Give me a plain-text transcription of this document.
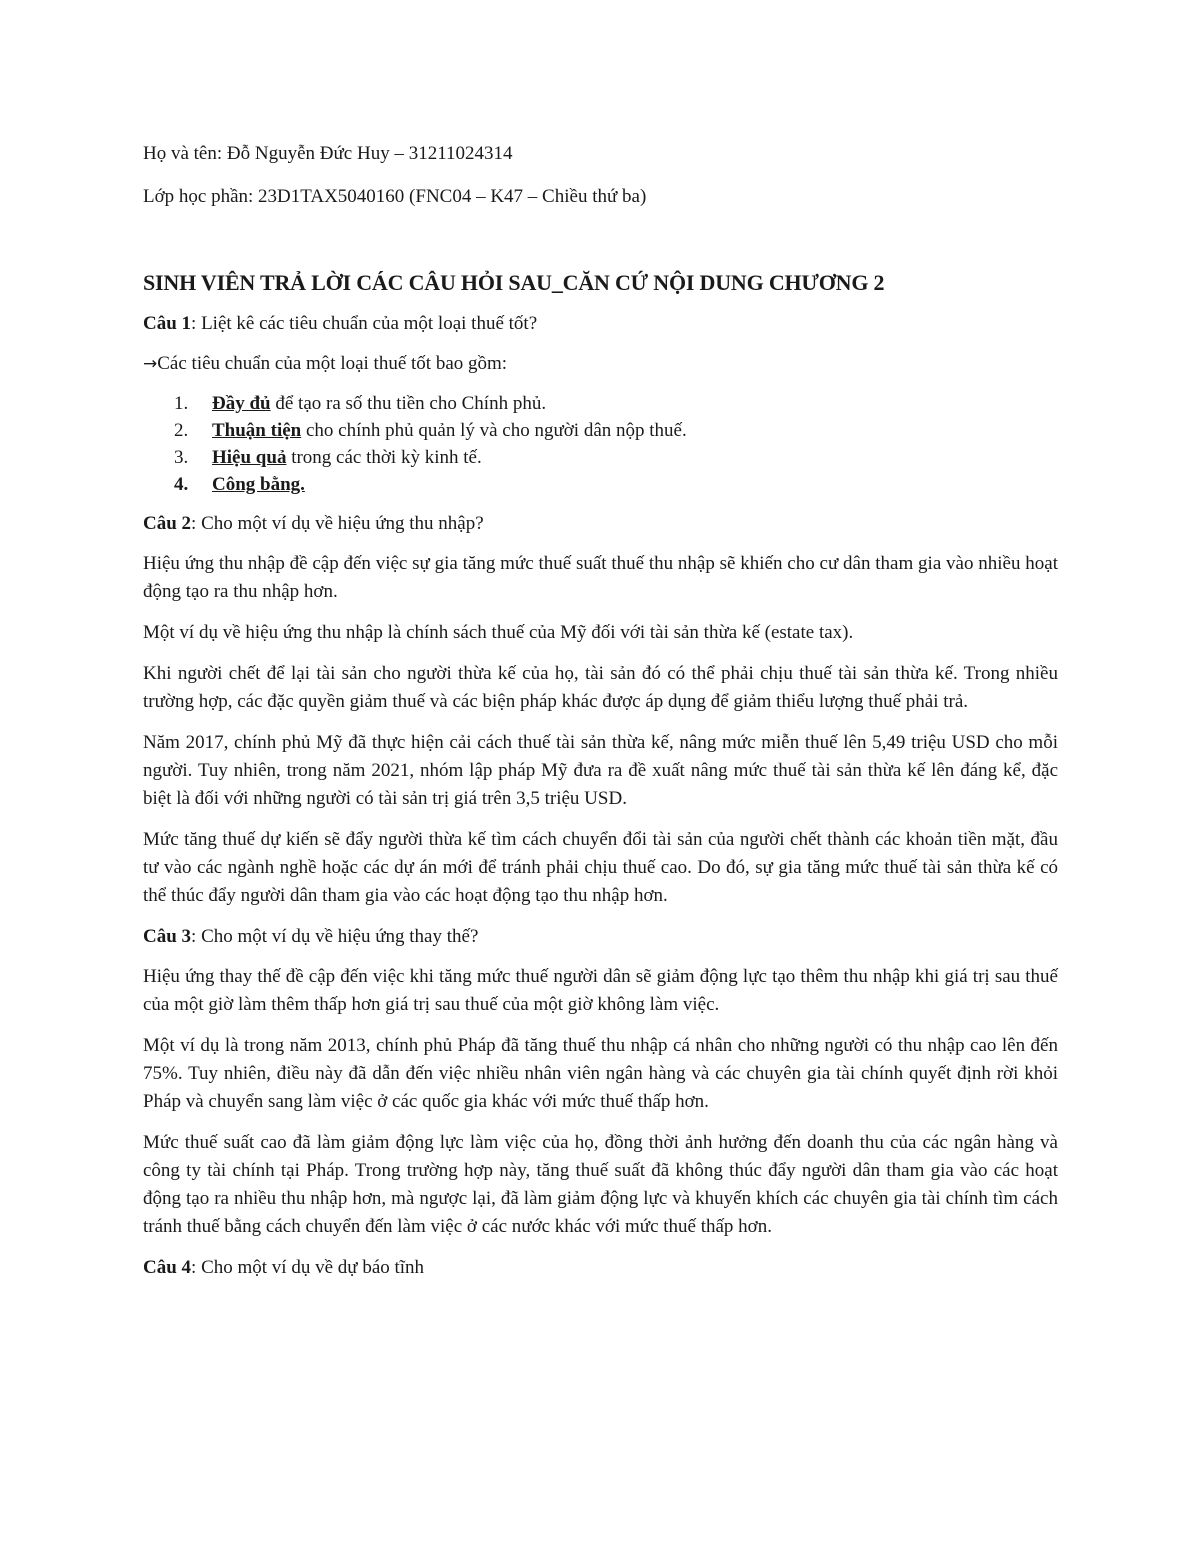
Họ và tên: Đỗ Nguyễn Đức Huy – 31211024314

Lớp học phần: 23D1TAX5040160 (FNC04 – K47 – Chiều thứ ba)

SINH VIÊN TRẢ LỜI CÁC CÂU HỎI SAU_CĂN CỨ NỘI DUNG CHƯƠNG 2

Câu 1: Liệt kê các tiêu chuẩn của một loại thuế tốt?

→Các tiêu chuẩn của một loại thuế tốt bao gồm:

1. Đầy đủ để tạo ra số thu tiền cho Chính phủ.
2. Thuận tiện cho chính phủ quản lý và cho người dân nộp thuế.
3. Hiệu quả trong các thời kỳ kinh tế.
4. Công bằng.

Câu 2: Cho một ví dụ về hiệu ứng thu nhập?

Hiệu ứng thu nhập đề cập đến việc sự gia tăng mức thuế suất thuế thu nhập sẽ khiến cho cư dân tham gia vào nhiều hoạt động tạo ra thu nhập hơn.

Một ví dụ về hiệu ứng thu nhập là chính sách thuế của Mỹ đối với tài sản thừa kế (estate tax).

Khi người chết để lại tài sản cho người thừa kế của họ, tài sản đó có thể phải chịu thuế tài sản thừa kế. Trong nhiều trường hợp, các đặc quyền giảm thuế và các biện pháp khác được áp dụng để giảm thiểu lượng thuế phải trả.

Năm 2017, chính phủ Mỹ đã thực hiện cải cách thuế tài sản thừa kế, nâng mức miễn thuế lên 5,49 triệu USD cho mỗi người. Tuy nhiên, trong năm 2021, nhóm lập pháp Mỹ đưa ra đề xuất nâng mức thuế tài sản thừa kế lên đáng kể, đặc biệt là đối với những người có tài sản trị giá trên 3,5 triệu USD.

Mức tăng thuế dự kiến sẽ đẩy người thừa kế tìm cách chuyển đổi tài sản của người chết thành các khoản tiền mặt, đầu tư vào các ngành nghề hoặc các dự án mới để tránh phải chịu thuế cao. Do đó, sự gia tăng mức thuế tài sản thừa kế có thể thúc đẩy người dân tham gia vào các hoạt động tạo thu nhập hơn.

Câu 3: Cho một ví dụ về hiệu ứng thay thế?

Hiệu ứng thay thế đề cập đến việc khi tăng mức thuế người dân sẽ giảm động lực tạo thêm thu nhập khi giá trị sau thuế của một giờ làm thêm thấp hơn giá trị sau thuế của một giờ không làm việc.

Một ví dụ là trong năm 2013, chính phủ Pháp đã tăng thuế thu nhập cá nhân cho những người có thu nhập cao lên đến 75%. Tuy nhiên, điều này đã dẫn đến việc nhiều nhân viên ngân hàng và các chuyên gia tài chính quyết định rời khỏi Pháp và chuyển sang làm việc ở các quốc gia khác với mức thuế thấp hơn.

Mức thuế suất cao đã làm giảm động lực làm việc của họ, đồng thời ảnh hưởng đến doanh thu của các ngân hàng và công ty tài chính tại Pháp. Trong trường hợp này, tăng thuế suất đã không thúc đẩy người dân tham gia vào các hoạt động tạo ra nhiều thu nhập hơn, mà ngược lại, đã làm giảm động lực và khuyến khích các chuyên gia tài chính tìm cách tránh thuế bằng cách chuyển đến làm việc ở các nước khác với mức thuế thấp hơn.

Câu 4: Cho một ví dụ về dự báo tĩnh
